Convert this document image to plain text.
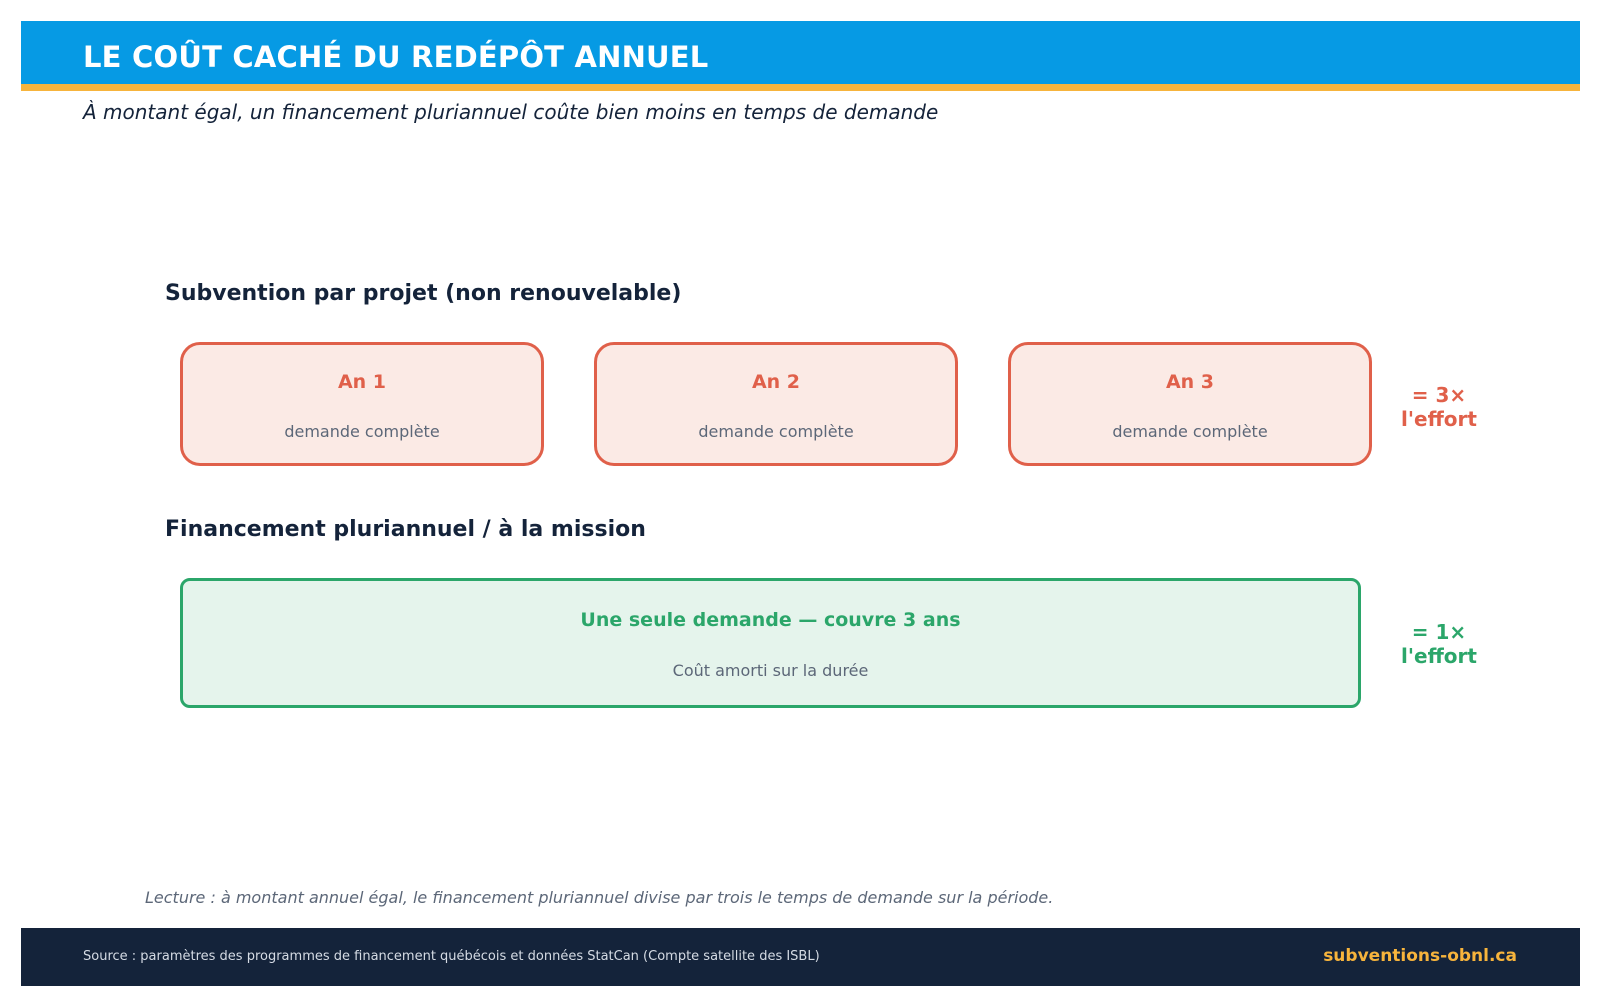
LE COÛT CACHÉ DU REDÉPÔT ANNUEL
À montant égal, un financement pluriannuel coûte bien moins en temps de demande
Subvention par projet (non renouvelable)
An 1
demande complète
An 2
demande complète
An 3
demande complète
= 3×
l'effort
Financement pluriannuel / à la mission
Une seule demande — couvre 3 ans
Coût amorti sur la durée
= 1×
l'effort
Lecture : à montant annuel égal, le financement pluriannuel divise par trois le temps de demande sur la période.
Source : paramètres des programmes de financement québécois et données StatCan (Compte satellite des ISBL)	subventions-obnl.ca
